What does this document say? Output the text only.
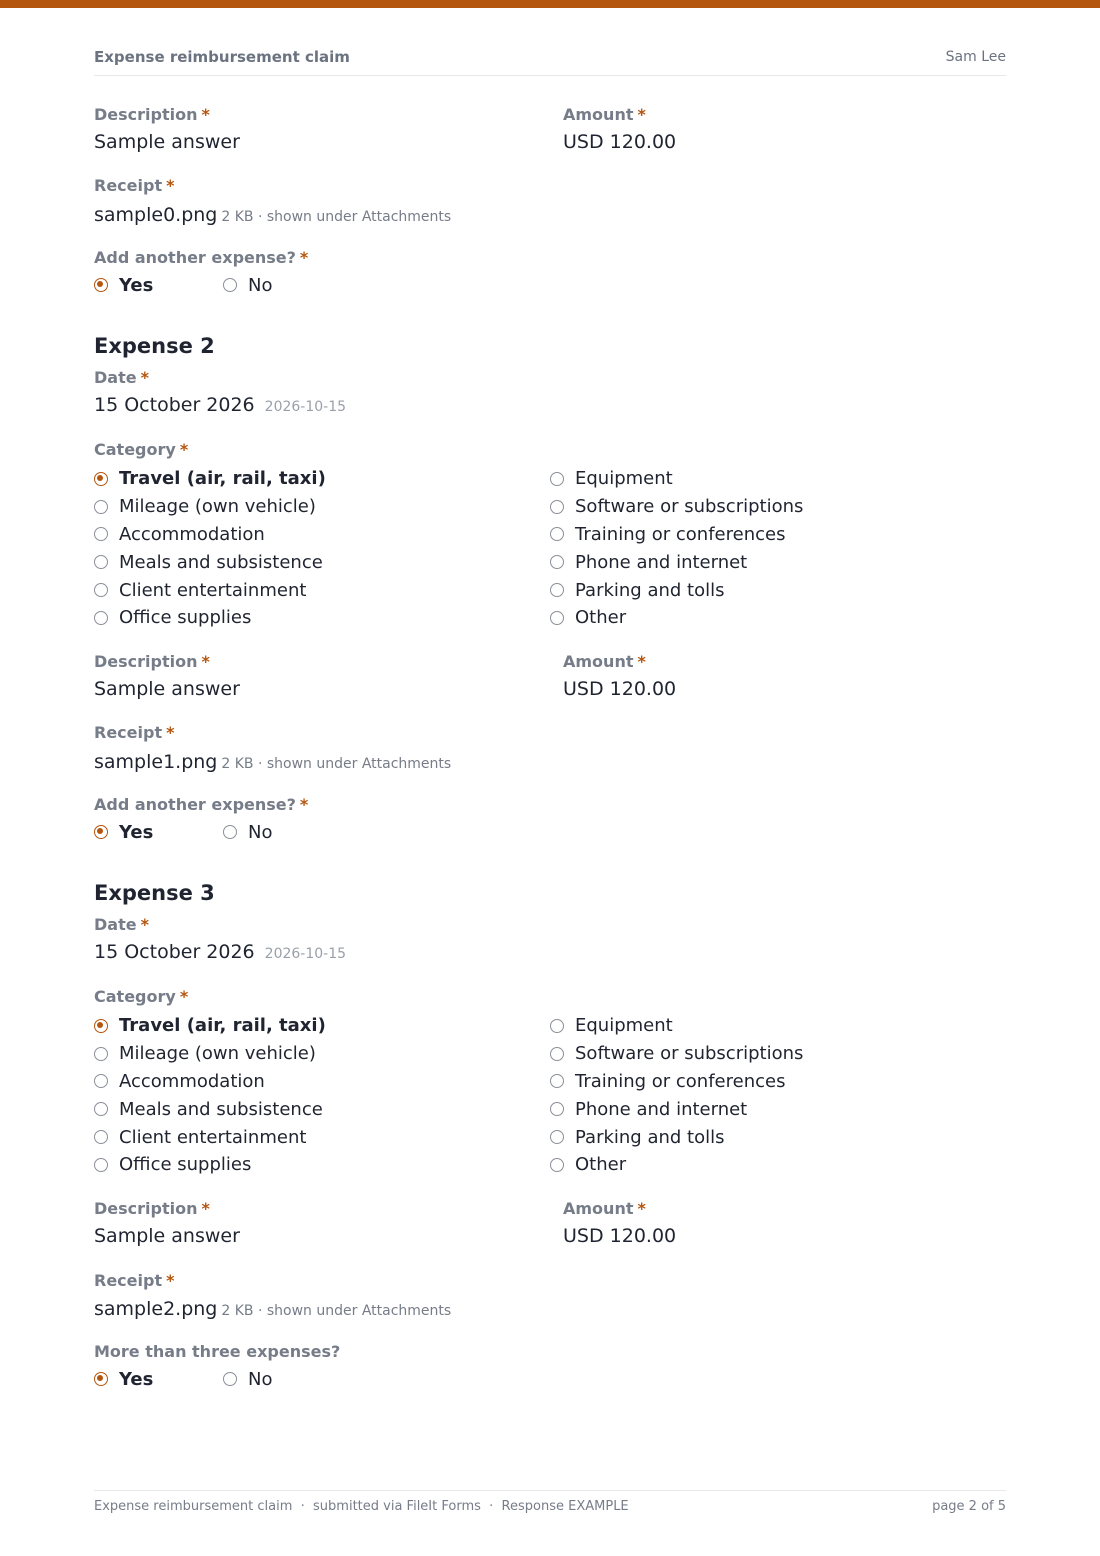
Expense reimbursement claim	Sam Lee
Description *
Sample answer
Amount *
USD 120.00
Receipt *
sample0.png 2 KB · shown under Attachments
Add another expense? *
Yes	No
Expense 2
Date *
15 October 2026 2026-10-15
Category *
Travel (air, rail, taxi)
Mileage (own vehicle)
Accommodation
Meals and subsistence
Client entertainment
Office supplies
Equipment
Software or subscriptions
Training or conferences
Phone and internet
Parking and tolls
Other
Description *
Sample answer
Amount *
USD 120.00
Receipt *
sample1.png 2 KB · shown under Attachments
Add another expense? *
Yes	No
Expense 3
Date *
15 October 2026 2026-10-15
Category *
Travel (air, rail, taxi)
Mileage (own vehicle)
Accommodation
Meals and subsistence
Client entertainment
Office supplies
Equipment
Software or subscriptions
Training or conferences
Phone and internet
Parking and tolls
Other
Description *
Sample answer
Amount *
USD 120.00
Receipt *
sample2.png 2 KB · shown under Attachments
More than three expenses?
Yes	No
Expense reimbursement claim  ·  submitted via FileIt Forms  ·  Response EXAMPLE	page 2 of 5
